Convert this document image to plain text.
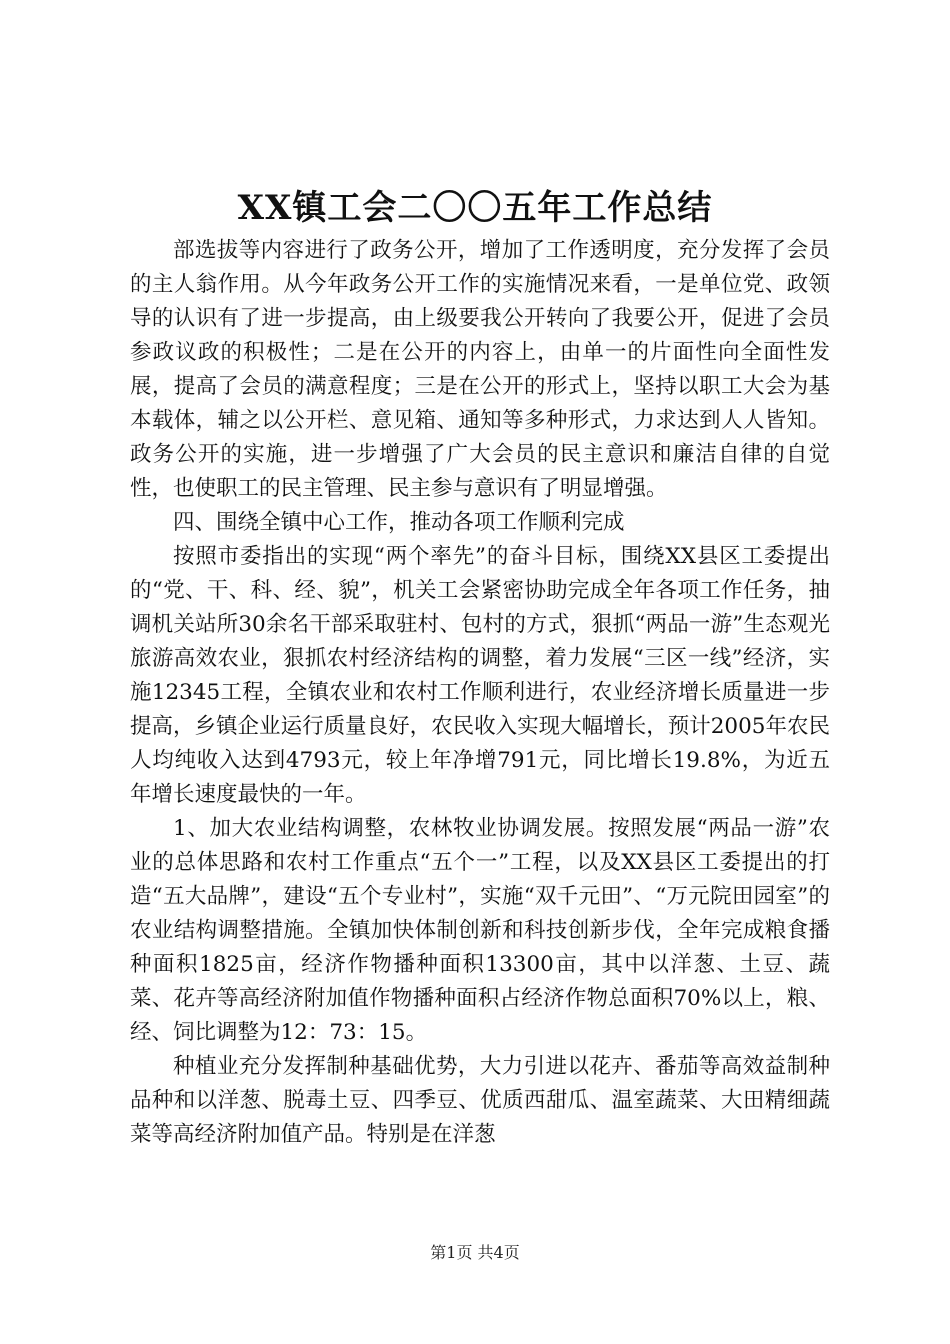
XX镇工会二〇〇五年工作总结

部选拔等内容进行了政务公开，增加了工作透明度，充分发挥了会员的主人翁作用。从今年政务公开工作的实施情况来看，一是单位党、政领导的认识有了进一步提高，由上级要我公开转向了我要公开，促进了会员参政议政的积极性；二是在公开的内容上，由单一的片面性向全面性发展，提高了会员的满意程度；三是在公开的形式上，坚持以职工大会为基本载体，辅之以公开栏、意见箱、通知等多种形式，力求达到人人皆知。政务公开的实施，进一步增强了广大会员的民主意识和廉洁自律的自觉性，也使职工的民主管理、民主参与意识有了明显增强。

四、围绕全镇中心工作，推动各项工作顺利完成

按照市委指出的实现“两个率先”的奋斗目标，围绕XX县区工委提出的“党、干、科、经、貌”，机关工会紧密协助完成全年各项工作任务，抽调机关站所30余名干部采取驻村、包村的方式，狠抓“两品一游”生态观光旅游高效农业，狠抓农村经济结构的调整，着力发展“三区一线”经济，实施12345工程，全镇农业和农村工作顺利进行，农业经济增长质量进一步提高，乡镇企业运行质量良好，农民收入实现大幅增长，预计2005年农民人均纯收入达到4793元，较上年净增791元，同比增长19.8%，为近五年增长速度最快的一年。

1、加大农业结构调整，农林牧业协调发展。按照发展“两品一游”农业的总体思路和农村工作重点“五个一”工程，以及XX县区工委提出的打造“五大品牌”，建设“五个专业村”，实施“双千元田”、“万元院田园室”的农业结构调整措施。全镇加快体制创新和科技创新步伐，全年完成粮食播种面积1825亩，经济作物播种面积13300亩，其中以洋葱、土豆、蔬菜、花卉等高经济附加值作物播种面积占经济作物总面积70%以上，粮、经、饲比调整为12：73：15。

种植业充分发挥制种基础优势，大力引进以花卉、番茄等高效益制种品种和以洋葱、脱毒土豆、四季豆、优质西甜瓜、温室蔬菜、大田精细蔬菜等高经济附加值产品。特别是在洋葱

第1页 共4页
